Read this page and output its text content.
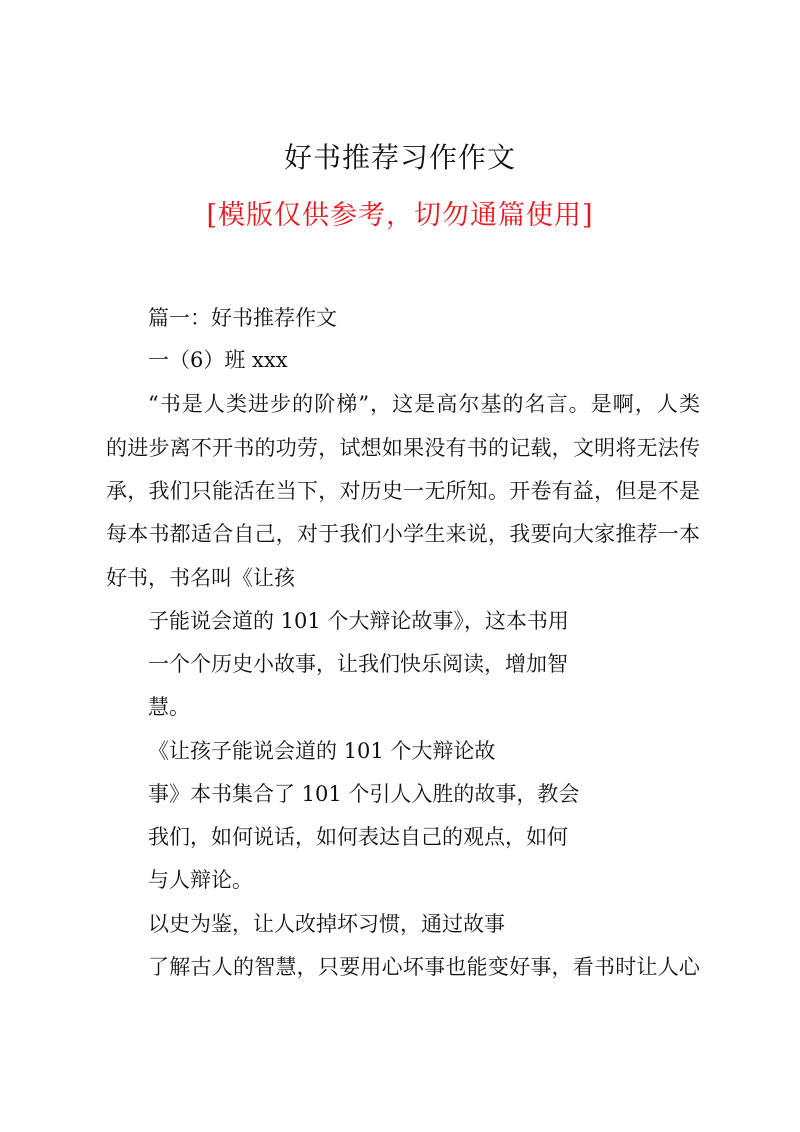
好书推荐习作作文
[模版仅供参考，切勿通篇使用]
篇一：好书推荐作文
一（6）班 xxx
“书是人类进步的阶梯”，这是高尔基的名言。是啊，人类
的进步离不开书的功劳，试想如果没有书的记载，文明将无法传
承，我们只能活在当下，对历史一无所知。开卷有益，但是不是
每本书都适合自己，对于我们小学生来说，我要向大家推荐一本
好书，书名叫《让孩
子能说会道的 101 个大辩论故事》，这本书用
一个个历史小故事，让我们快乐阅读，增加智
慧。
《让孩子能说会道的 101 个大辩论故
事》本书集合了 101 个引人入胜的故事，教会
我们，如何说话，如何表达自己的观点，如何
与人辩论。
以史为鉴，让人改掉坏习惯，通过故事
了解古人的智慧，只要用心坏事也能变好事，看书时让人心
